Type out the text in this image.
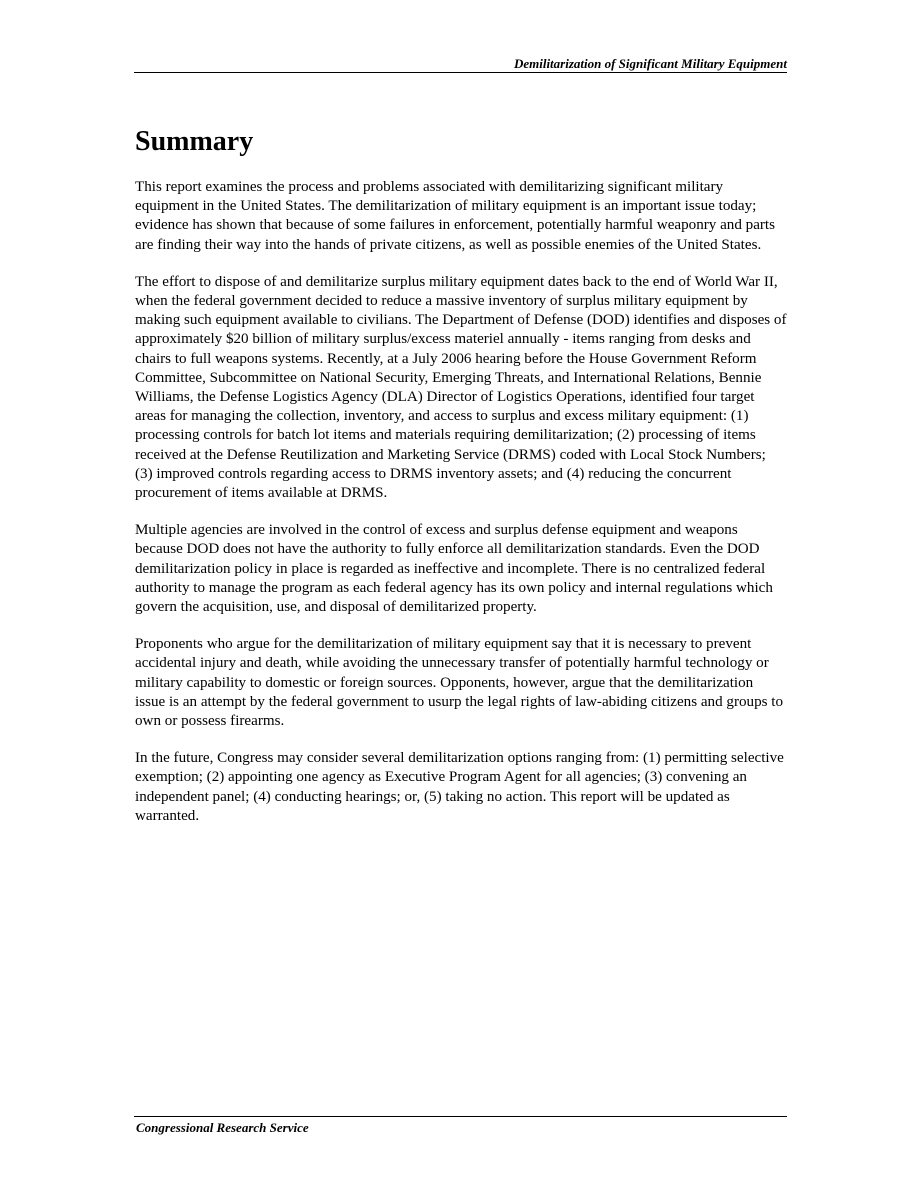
Demilitarization of Significant Military Equipment
Summary

This report examines the process and problems associated with demilitarizing significant military equipment in the United States. The demilitarization of military equipment is an important issue today; evidence has shown that because of some failures in enforcement, potentially harmful weaponry and parts are finding their way into the hands of private citizens, as well as possible enemies of the United States.

The effort to dispose of and demilitarize surplus military equipment dates back to the end of World War II, when the federal government decided to reduce a massive inventory of surplus military equipment by making such equipment available to civilians. The Department of Defense (DOD) identifies and disposes of approximately $20 billion of military surplus/excess materiel annually - items ranging from desks and chairs to full weapons systems. Recently, at a July 2006 hearing before the House Government Reform Committee, Subcommittee on National Security, Emerging Threats, and International Relations, Bennie Williams, the Defense Logistics Agency (DLA) Director of Logistics Operations, identified four target areas for managing the collection, inventory, and access to surplus and excess military equipment: (1) processing controls for batch lot items and materials requiring demilitarization; (2) processing of items received at the Defense Reutilization and Marketing Service (DRMS) coded with Local Stock Numbers; (3) improved controls regarding access to DRMS inventory assets; and (4) reducing the concurrent procurement of items available at DRMS.

Multiple agencies are involved in the control of excess and surplus defense equipment and weapons because DOD does not have the authority to fully enforce all demilitarization standards. Even the DOD demilitarization policy in place is regarded as ineffective and incomplete. There is no centralized federal authority to manage the program as each federal agency has its own policy and internal regulations which govern the acquisition, use, and disposal of demilitarized property.

Proponents who argue for the demilitarization of military equipment say that it is necessary to prevent accidental injury and death, while avoiding the unnecessary transfer of potentially harmful technology or military capability to domestic or foreign sources. Opponents, however, argue that the demilitarization issue is an attempt by the federal government to usurp the legal rights of law-abiding citizens and groups to own or possess firearms.

In the future, Congress may consider several demilitarization options ranging from: (1) permitting selective exemption; (2) appointing one agency as Executive Program Agent for all agencies; (3) convening an independent panel; (4) conducting hearings; or, (5) taking no action. This report will be updated as warranted.

Congressional Research Service
